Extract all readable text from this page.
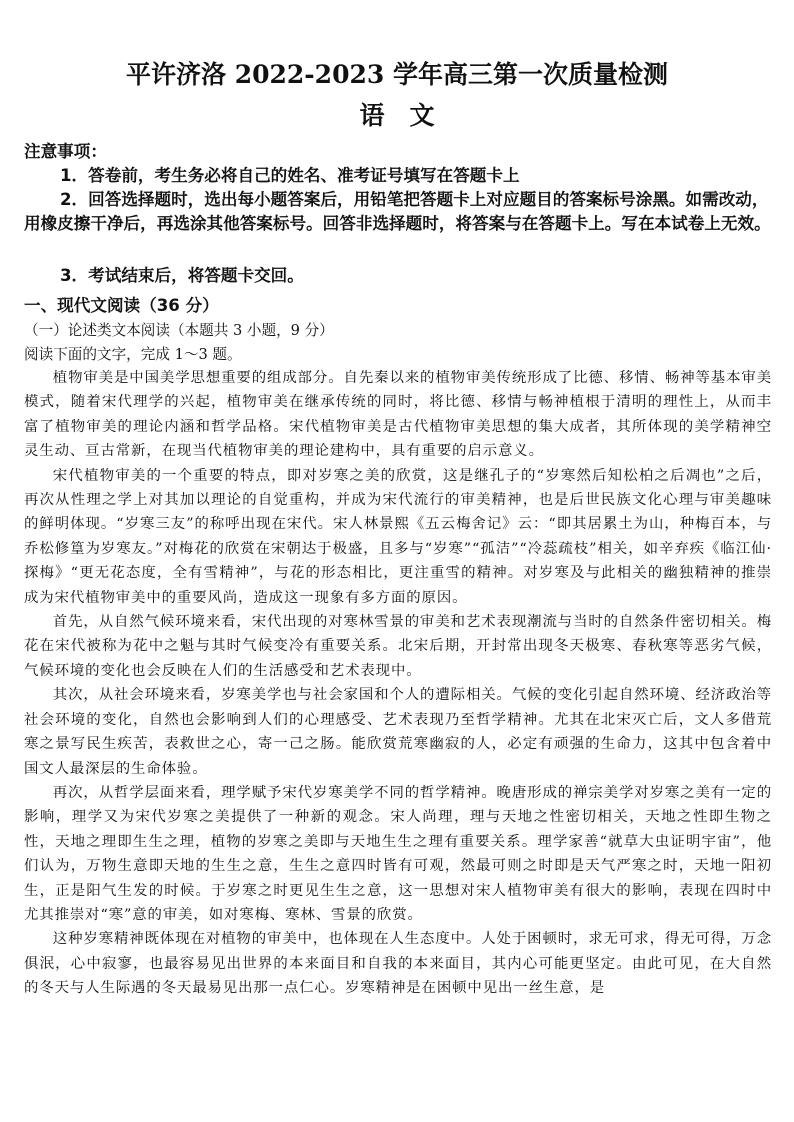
平许济洛 2022-2023 学年高三第一次质量检测
语　文
注意事项：
1．答卷前，考生务必将自己的姓名、准考证号填写在答题卡上
2．回答选择题时，选出每小题答案后，用铅笔把答题卡上对应题目的答案标号涂黑。如需改动，用橡皮擦干净后，再选涂其他答案标号。回答非选择题时，将答案与在答题卡上。写在本试卷上无效。
3．考试结束后，将答题卡交回。
一、现代文阅读（36 分）
（一）论述类文本阅读（本题共 3 小题，9 分）
阅读下面的文字，完成 1～3 题。

植物审美是中国美学思想重要的组成部分。自先秦以来的植物审美传统形成了比德、移情、畅神等基本审美模式，随着宋代理学的兴起，植物审美在继承传统的同时，将比德、移情与畅神植根于清明的理性上，从而丰富了植物审美的理论内涵和哲学品格。宋代植物审美是古代植物审美思想的集大成者，其所体现的美学精神空灵生动、亘古常新，在现当代植物审美的理论建构中，具有重要的启示意义。

宋代植物审美的一个重要的特点，即对岁寒之美的欣赏，这是继孔子的“岁寒然后知松柏之后凋也”之后，再次从性理之学上对其加以理论的自觉重构，并成为宋代流行的审美精神，也是后世民族文化心理与审美趣味的鲜明体现。“岁寒三友”的称呼出现在宋代。宋人林景熙《五云梅舍记》云：“即其居累土为山，种梅百本，与乔松修篁为岁寒友。”对梅花的欣赏在宋朝达于极盛，且多与“岁寒”“孤洁”“冷蕊疏枝”相关，如辛弃疾《临江仙·探梅》“更无花态度，全有雪精神”，与花的形态相比，更注重雪的精神。对岁寒及与此相关的幽独精神的推崇成为宋代植物审美中的重要风尚，造成这一现象有多方面的原因。

首先，从自然气候环境来看，宋代出现的对寒林雪景的审美和艺术表现潮流与当时的自然条件密切相关。梅花在宋代被称为花中之魁与其时气候变冷有重要关系。北宋后期，开封常出现冬天极寒、春秋寒等恶劣气候，气候环境的变化也会反映在人们的生活感受和艺术表现中。

其次，从社会环境来看，岁寒美学也与社会家国和个人的遭际相关。气候的变化引起自然环境、经济政治等社会环境的变化，自然也会影响到人们的心理感受、艺术表现乃至哲学精神。尤其在北宋灭亡后，文人多借荒寒之景写民生疾苦，表救世之心，寄一己之肠。能欣赏荒寒幽寂的人，必定有顽强的生命力，这其中包含着中国文人最深层的生命体验。

再次，从哲学层面来看，理学赋予宋代岁寒美学不同的哲学精神。晚唐形成的禅宗美学对岁寒之美有一定的影响，理学又为宋代岁寒之美提供了一种新的观念。宋人尚理，理与天地之性密切相关，天地之性即生物之性，天地之理即生生之理，植物的岁寒之美即与天地生生之理有重要关系。理学家善“就草大虫证明宇宙”，他们认为，万物生意即天地的生生之意，生生之意四时皆有可观，然最可则之时即是天气严寒之时，天地一阳初生，正是阳气生发的时候。于岁寒之时更见生生之意，这一思想对宋人植物审美有很大的影响，表现在四时中尤其推崇对“寒”意的审美，如对寒梅、寒林、雪景的欣赏。

这种岁寒精神既体现在对植物的审美中，也体现在人生态度中。人处于困顿时，求无可求，得无可得，万念俱泯，心中寂寥，也最容易见出世界的本来面目和自我的本来面目，其内心可能更坚定。由此可见，在大自然的冬天与人生际遇的冬天最易见出那一点仁心。岁寒精神是在困顿中见出一丝生意，是
